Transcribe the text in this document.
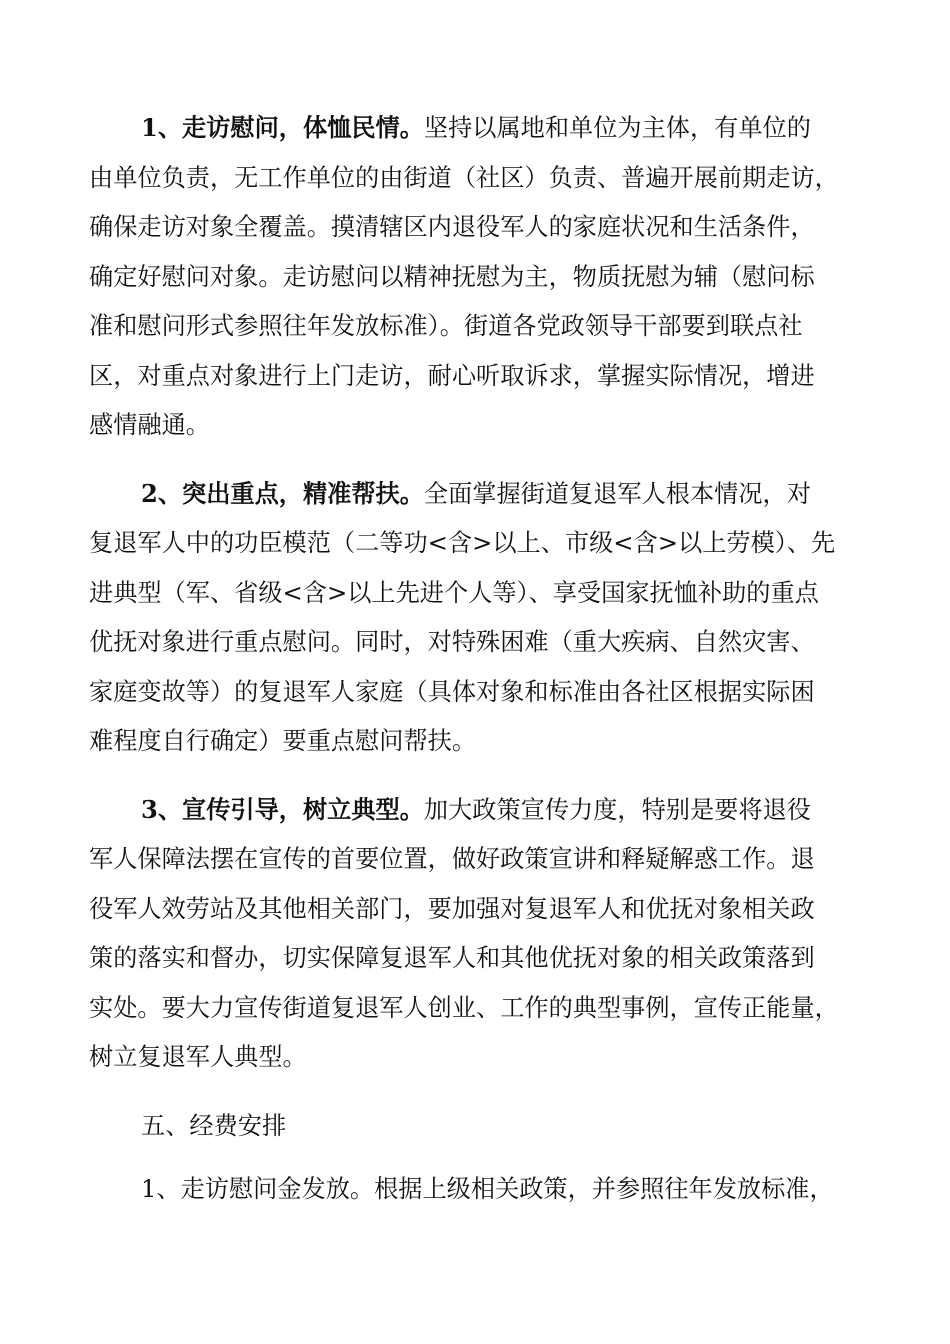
1、走访慰问，体恤民情。坚持以属地和单位为主体，有单位的
由单位负责，无工作单位的由街道（社区）负责、普遍开展前期走访，
确保走访对象全覆盖。摸清辖区内退役军人的家庭状况和生活条件，
确定好慰问对象。走访慰问以精神抚慰为主，物质抚慰为辅（慰问标
准和慰问形式参照往年发放标准）。街道各党政领导干部要到联点社
区，对重点对象进行上门走访，耐心听取诉求，掌握实际情况，增进
感情融通。
2、突出重点，精准帮扶。全面掌握街道复退军人根本情况，对
复退军人中的功臣模范（二等功<含>以上、市级<含>以上劳模）、先
进典型（军、省级<含>以上先进个人等）、享受国家抚恤补助的重点
优抚对象进行重点慰问。同时，对特殊困难（重大疾病、自然灾害、
家庭变故等）的复退军人家庭（具体对象和标准由各社区根据实际困
难程度自行确定）要重点慰问帮扶。
3、宣传引导，树立典型。加大政策宣传力度，特别是要将退役
军人保障法摆在宣传的首要位置，做好政策宣讲和释疑解惑工作。退
役军人效劳站及其他相关部门，要加强对复退军人和优抚对象相关政
策的落实和督办，切实保障复退军人和其他优抚对象的相关政策落到
实处。要大力宣传街道复退军人创业、工作的典型事例，宣传正能量，
树立复退军人典型。
五、经费安排
1、走访慰问金发放。根据上级相关政策，并参照往年发放标准，
